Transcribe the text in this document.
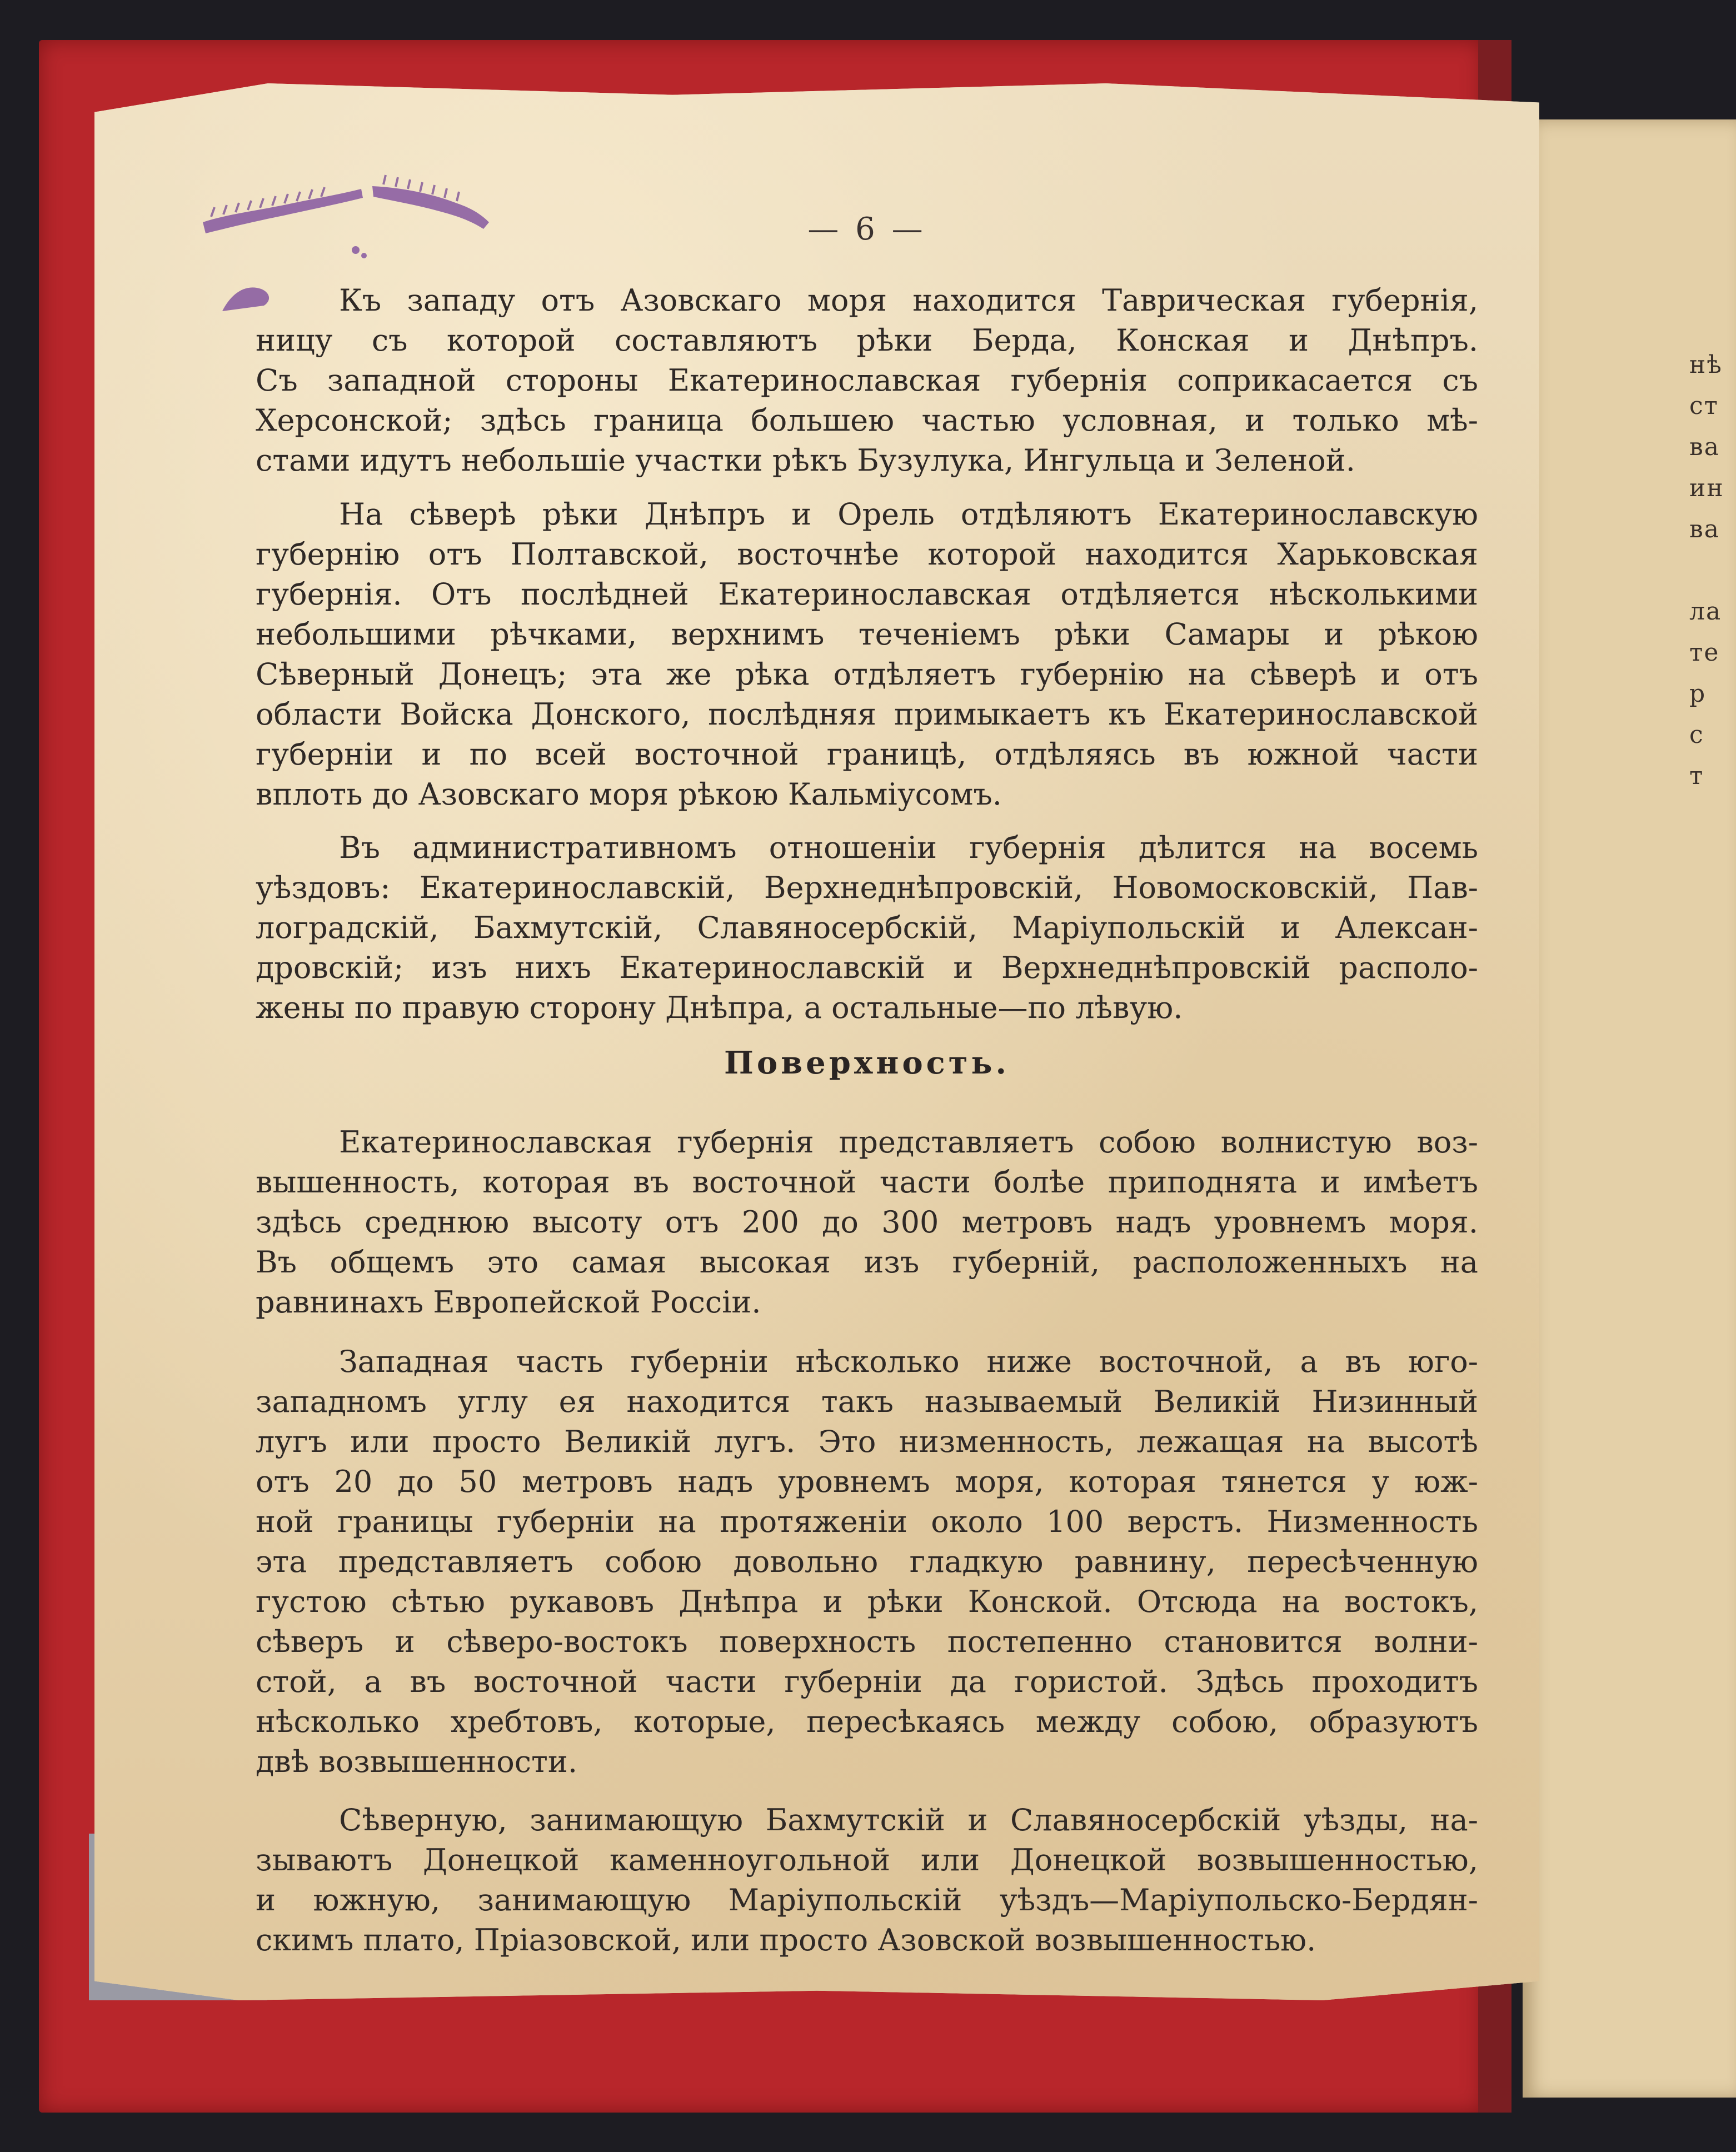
нѣ
ст
ва
ин
ва
ла
те
р
с
т
— 6 —
Къ западу отъ Азовскаго моря находится Таврическая губернія,
ницу съ которой составляютъ рѣки Берда, Конская и Днѣпръ.
Съ западной стороны Екатеринославская губернія соприкасается съ
Херсонской; здѣсь граница большею частью условная, и только мѣ-
стами идутъ небольшіе участки рѣкъ Бузулука, Ингульца и Зеленой.
На сѣверѣ рѣки Днѣпръ и Орель отдѣляютъ Екатеринославскую
губернію отъ Полтавской, восточнѣе которой находится Харьковская
губернія. Отъ послѣдней Екатеринославская отдѣляется нѣсколькими
небольшими рѣчками, верхнимъ теченіемъ рѣки Самары и рѣкою
Сѣверный Донецъ; эта же рѣка отдѣляетъ губернію на сѣверѣ и отъ
области Войска Донского, послѣдняя примыкаетъ къ Екатеринославской
губерніи и по всей восточной границѣ, отдѣляясь въ южной части
вплоть до Азовскаго моря рѣкою Кальміусомъ.
Въ административномъ отношеніи губернія дѣлится на восемь
уѣздовъ: Екатеринославскій, Верхнеднѣпровскій, Новомосковскій, Пав-
лоградскій, Бахмутскій, Славяносербскій, Маріупольскій и Алексан-
дровскій; изъ нихъ Екатеринославскій и Верхнеднѣпровскій располо-
жены по правую сторону Днѣпра, а остальные—по лѣвую.
Поверхность.
Екатеринославская губернія представляетъ собою волнистую воз-
вышенность, которая въ восточной части болѣе приподнята и имѣетъ
здѣсь среднюю высоту отъ 200 до 300 метровъ надъ уровнемъ моря.
Въ общемъ это самая высокая изъ губерній, расположенныхъ на
равнинахъ Европейской Россіи.
Западная часть губерніи нѣсколько ниже восточной, а въ юго-
западномъ углу ея находится такъ называемый Великій Низинный
лугъ или просто Великій лугъ. Это низменность, лежащая на высотѣ
отъ 20 до 50 метровъ надъ уровнемъ моря, которая тянется у юж-
ной границы губерніи на протяженіи около 100 верстъ. Низменность
эта представляетъ собою довольно гладкую равнину, пересѣченную
густою сѣтью рукавовъ Днѣпра и рѣки Конской. Отсюда на востокъ,
сѣверъ и сѣверо-востокъ поверхность постепенно становится волни-
стой, а въ восточной части губерніи да гористой. Здѣсь проходитъ
нѣсколько хребтовъ, которые, пересѣкаясь между собою, образуютъ
двѣ возвышенности.
Сѣверную, занимающую Бахмутскій и Славяносербскій уѣзды, на-
зываютъ Донецкой каменноугольной или Донецкой возвышенностью,
и южную, занимающую Маріупольскій уѣздъ—Маріупольско-Бердян-
скимъ плато, Пріазовской, или просто Азовской возвышенностью.
